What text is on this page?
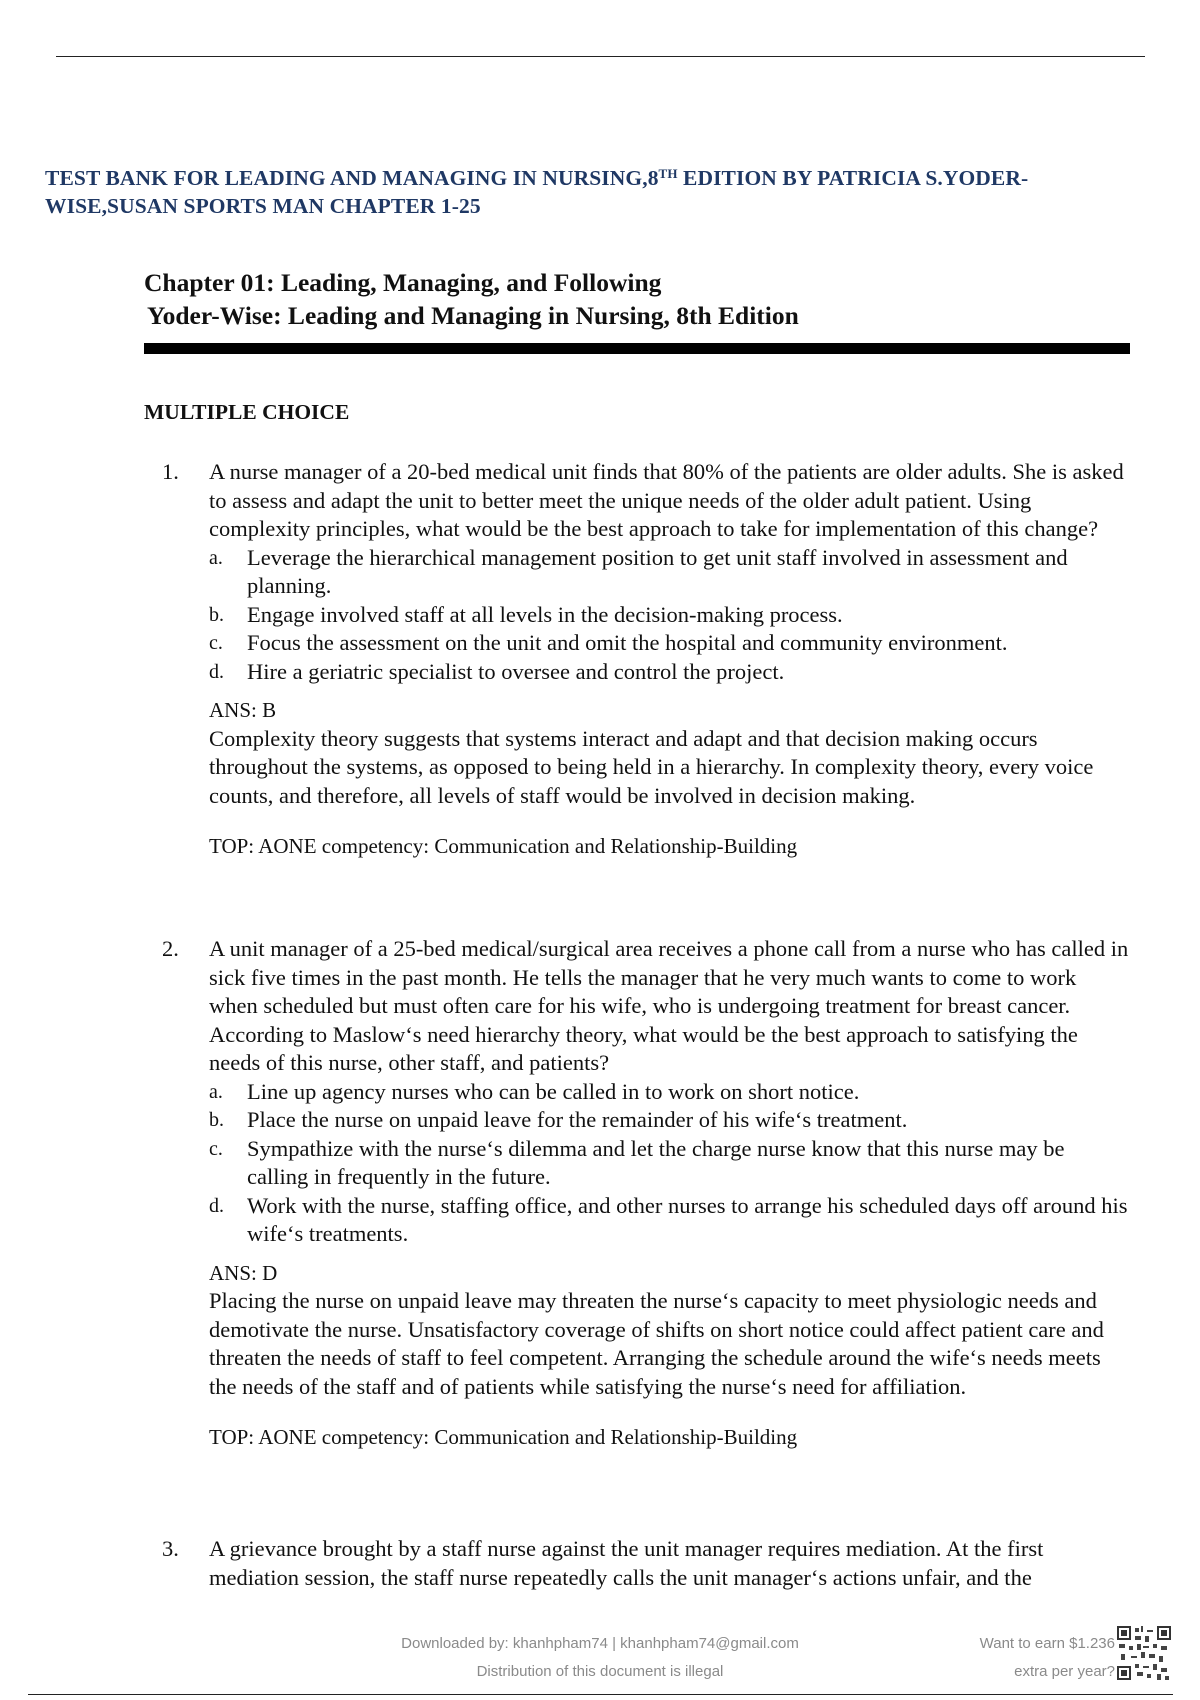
TEST BANK FOR LEADING AND MANAGING IN NURSING,8TH EDITION BY PATRICIA S.YODER-WISE,SUSAN SPORTS MAN CHAPTER 1-25
Chapter 01: Leading, Managing, and Following
Yoder-Wise: Leading and Managing in Nursing, 8th Edition
MULTIPLE CHOICE
1. A nurse manager of a 20-bed medical unit finds that 80% of the patients are older adults. She is asked to assess and adapt the unit to better meet the unique needs of the older adult patient. Using complexity principles, what would be the best approach to take for implementation of this change?
a. Leverage the hierarchical management position to get unit staff involved in assessment and planning.
b. Engage involved staff at all levels in the decision-making process.
c. Focus the assessment on the unit and omit the hospital and community environment.
d. Hire a geriatric specialist to oversee and control the project.
ANS: B
Complexity theory suggests that systems interact and adapt and that decision making occurs throughout the systems, as opposed to being held in a hierarchy. In complexity theory, every voice counts, and therefore, all levels of staff would be involved in decision making.
TOP: AONE competency: Communication and Relationship-Building
2. A unit manager of a 25-bed medical/surgical area receives a phone call from a nurse who has called in sick five times in the past month. He tells the manager that he very much wants to come to work when scheduled but must often care for his wife, who is undergoing treatment for breast cancer. According to Maslow‘s need hierarchy theory, what would be the best approach to satisfying the needs of this nurse, other staff, and patients?
a. Line up agency nurses who can be called in to work on short notice.
b. Place the nurse on unpaid leave for the remainder of his wife‘s treatment.
c. Sympathize with the nurse‘s dilemma and let the charge nurse know that this nurse may be calling in frequently in the future.
d. Work with the nurse, staffing office, and other nurses to arrange his scheduled days off around his wife‘s treatments.
ANS: D
Placing the nurse on unpaid leave may threaten the nurse‘s capacity to meet physiologic needs and demotivate the nurse. Unsatisfactory coverage of shifts on short notice could affect patient care and threaten the needs of staff to feel competent. Arranging the schedule around the wife‘s needs meets the needs of the staff and of patients while satisfying the nurse‘s need for affiliation.
TOP: AONE competency: Communication and Relationship-Building
3. A grievance brought by a staff nurse against the unit manager requires mediation. At the first mediation session, the staff nurse repeatedly calls the unit manager‘s actions unfair, and the
Downloaded by: khanhpham74 | khanhpham74@gmail.com
Distribution of this document is illegal
Want to earn $1.236
extra per year?
